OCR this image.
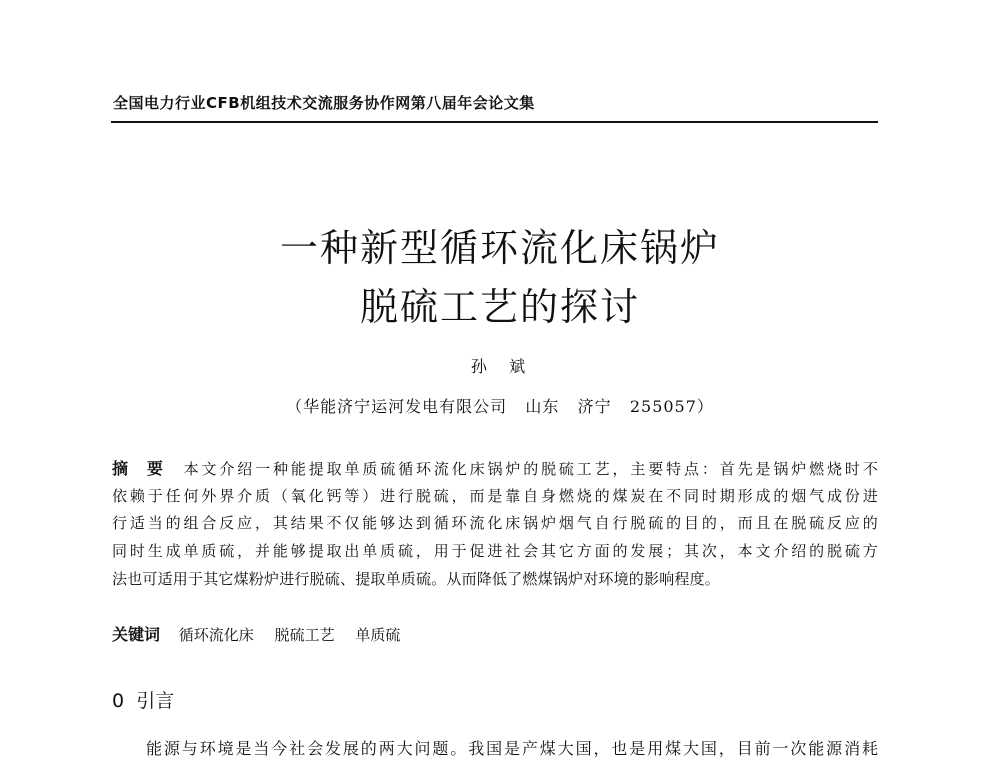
全国电力行业CFB机组技术交流服务协作网第八届年会论文集
一种新型循环流化床锅炉
脱硫工艺的探讨
孙  斌
（华能济宁运河发电有限公司   山东   济宁   255057）
摘 要 本文介绍一种能提取单质硫循环流化床锅炉的脱硫工艺，主要特点：首先是锅炉燃烧时不
依赖于任何外界介质（氧化钙等）进行脱硫，而是靠自身燃烧的煤炭在不同时期形成的烟气成份进
行适当的组合反应，其结果不仅能够达到循环流化床锅炉烟气自行脱硫的目的，而且在脱硫反应的
同时生成单质硫，并能够提取出单质硫，用于促进社会其它方面的发展；其次，本文介绍的脱硫方
法也可适用于其它煤粉炉进行脱硫、提取单质硫。从而降低了燃煤锅炉对环境的影响程度。
关键词 循环流化床 脱硫工艺 单质硫
0 引言
能源与环境是当今社会发展的两大问题。我国是产煤大国，也是用煤大国，目前一次能源消耗
